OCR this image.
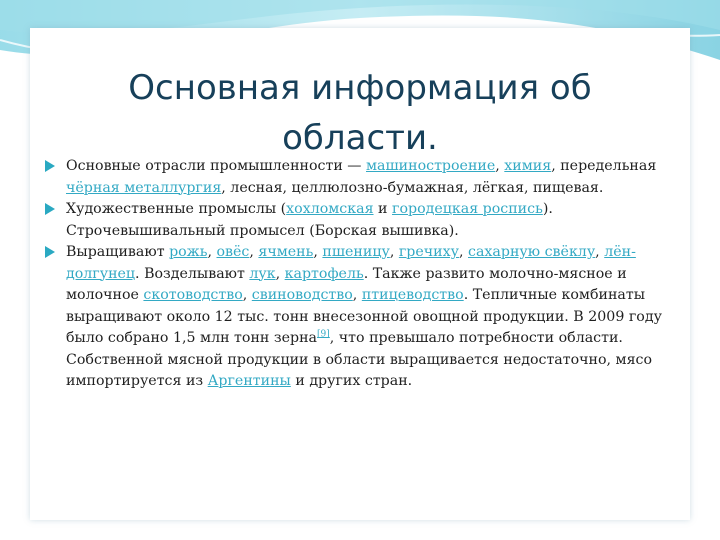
Основная информация об области.
Основные отрасли промышленности — машиностроение, химия, передельная чёрная металлургия, лесная, целлюлозно-бумажная, лёгкая, пищевая.
Художественные промыслы (хохломская и городецкая роспись). Строчевышивальный промысел (Борская вышивка).
Выращивают рожь, овёс, ячмень, пшеницу, гречиху, сахарную свёклу, лён-долгунец. Возделывают лук, картофель. Также развито молочно-мясное и молочное скотоводство, свиноводство, птицеводство. Тепличные комбинаты выращивают около 12 тыс. тонн внесезонной овощной продукции. В 2009 году было собрано 1,5 млн тонн зерна[9], что превышало потребности области. Собственной мясной продукции в области выращивается недостаточно, мясо импортируется из Аргентины и других стран.
